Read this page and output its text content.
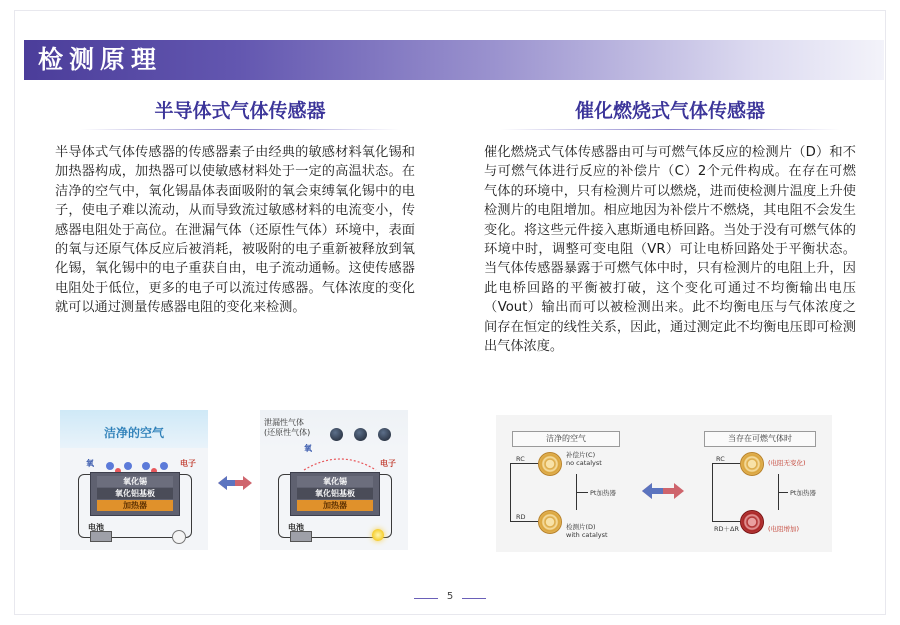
检测原理
半导体式气体传感器

半导体式气体传感器的传感器素子由经典的敏感材料氧化锡和加热器构成，加热器可以使敏感材料处于一定的高温状态。在洁净的空气中，氧化锡晶体表面吸附的氧会束缚氧化锡中的电子，使电子难以流动，从而导致流过敏感材料的电流变小，传感器电阻处于高位。在泄漏气体（还原性气体）环境中，表面的氧与还原气体反应后被消耗，被吸附的电子重新被释放到氧化锡，氧化锡中的电子重获自由，电子流动通畅。这使传感器电阻处于低位，更多的电子可以流过传感器。气体浓度的变化就可以通过测量传感器电阻的变化来检测。

催化燃烧式气体传感器

催化燃烧式气体传感器由可与可燃气体反应的检测片（D）和不与可燃气体进行反应的补偿片（C）2个元件构成。在存在可燃气体的环境中，只有检测片可以燃烧，进而使检测片温度上升使检测片的电阻增加。相应地因为补偿片不燃烧，其电阻不会发生变化。将这些元件接入惠斯通电桥回路。当处于没有可燃气体的环境中时，调整可变电阻（VR）可让电桥回路处于平衡状态。当气体传感器暴露于可燃气体中时，只有检测片的电阻上升，因此电桥回路的平衡被打破，这个变化可通过不均衡输出电压（Vout）输出而可以被检测出来。此不均衡电压与气体浓度之间存在恒定的线性关系，因此，通过测定此不均衡电压即可检测出气体浓度。

洁净的空气
氧	电子
氧化锡
氧化铝基板
加热器
电池
泄漏性气体
(还原性气体)
氧
电子
氧化锡
氧化铝基板
加热器
电池
洁净的空气
RC
RD
补偿片(C)
no catalyst
Pt加热器
检测片(D)
with catalyst
当存在可燃气体时
RC
RD＋ΔR
(电阻无变化)
Pt加热器
(电阻增加)
5
